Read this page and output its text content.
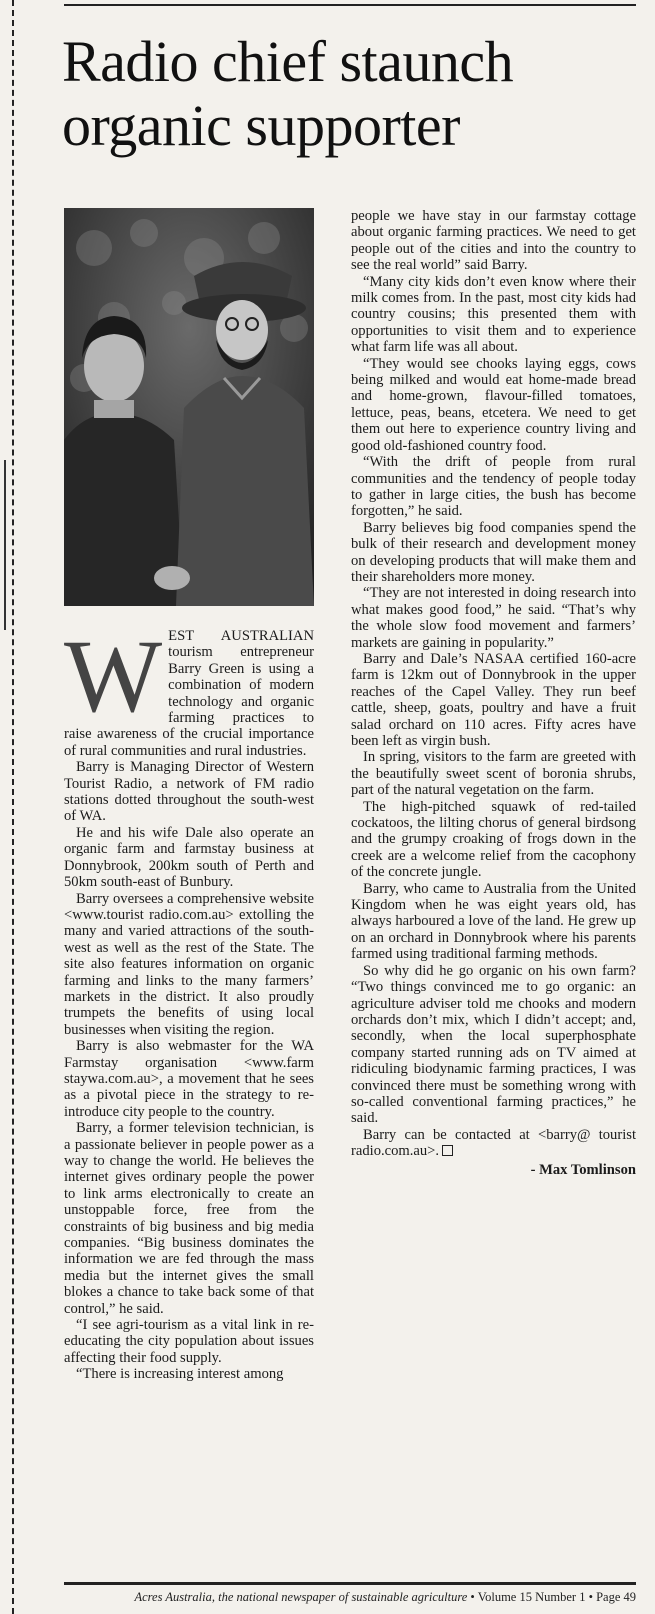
Radio chief staunch organic supporter
W EST AUSTRALIAN tourism entrepreneur Barry Green is using a combination of modern technology and organic farming practices to raise awareness of the crucial importance of rural communities and rural industries.

Barry is Managing Director of Western Tourist Radio, a network of FM radio stations dotted throughout the south-west of WA.

He and his wife Dale also operate an organic farm and farmstay business at Donnybrook, 200km south of Perth and 50km south-east of Bunbury.

Barry oversees a comprehensive website <www.tourist radio.com.au> extolling the many and varied attractions of the south-west as well as the rest of the State. The site also features information on organic farming and links to the many farmers’ markets in the district. It also proudly trumpets the benefits of using local businesses when visiting the region.

Barry is also webmaster for the WA Farmstay organisation <www.farm staywa.com.au>, a movement that he sees as a pivotal piece in the strategy to re-introduce city people to the country.

Barry, a former television technician, is a passionate believer in people power as a way to change the world. He believes the internet gives ordinary people the power to link arms electronically to create an unstoppable force, free from the constraints of big business and big media companies. “Big business dominates the information we are fed through the mass media but the internet gives the small blokes a chance to take back some of that control,” he said.

“I see agri-tourism as a vital link in re-educating the city population about issues affecting their food supply.

“There is increasing interest among

people we have stay in our farmstay cottage about organic farming practices. We need to get people out of the cities and into the country to see the real world” said Barry.

“Many city kids don’t even know where their milk comes from. In the past, most city kids had country cousins; this presented them with opportunities to visit them and to experience what farm life was all about.

“They would see chooks laying eggs, cows being milked and would eat home-made bread and home-grown, flavour-filled tomatoes, lettuce, peas, beans, etcetera. We need to get them out here to experience country living and good old-fashioned country food.

“With the drift of people from rural communities and the tendency of people today to gather in large cities, the bush has become forgotten,” he said.

Barry believes big food companies spend the bulk of their research and development money on developing products that will make them and their shareholders more money.

“They are not interested in doing research into what makes good food,” he said. “That’s why the whole slow food movement and farmers’ markets are gaining in popularity.”

Barry and Dale’s NASAA certified 160-acre farm is 12km out of Donnybrook in the upper reaches of the Capel Valley. They run beef cattle, sheep, goats, poultry and have a fruit salad orchard on 110 acres. Fifty acres have been left as virgin bush.

In spring, visitors to the farm are greeted with the beautifully sweet scent of boronia shrubs, part of the natural vegetation on the farm.

The high-pitched squawk of red-tailed cockatoos, the lilting chorus of general birdsong and the grumpy croaking of frogs down in the creek are a welcome relief from the cacophony of the concrete jungle.

Barry, who came to Australia from the United Kingdom when he was eight years old, has always harboured a love of the land. He grew up on an orchard in Donnybrook where his parents farmed using traditional farming methods.

So why did he go organic on his own farm? “Two things convinced me to go organic: an agriculture adviser told me chooks and modern orchards don’t mix, which I didn’t accept; and, secondly, when the local superphosphate company started running ads on TV aimed at ridiculing biodynamic farming practices, I was convinced there must be something wrong with so-called conventional farming practices,” he said.

Barry can be contacted at <barry@ tourist radio.com.au>.

- Max Tomlinson
Acres Australia, the national newspaper of sustainable agriculture • Volume 15 Number 1 • Page 49
